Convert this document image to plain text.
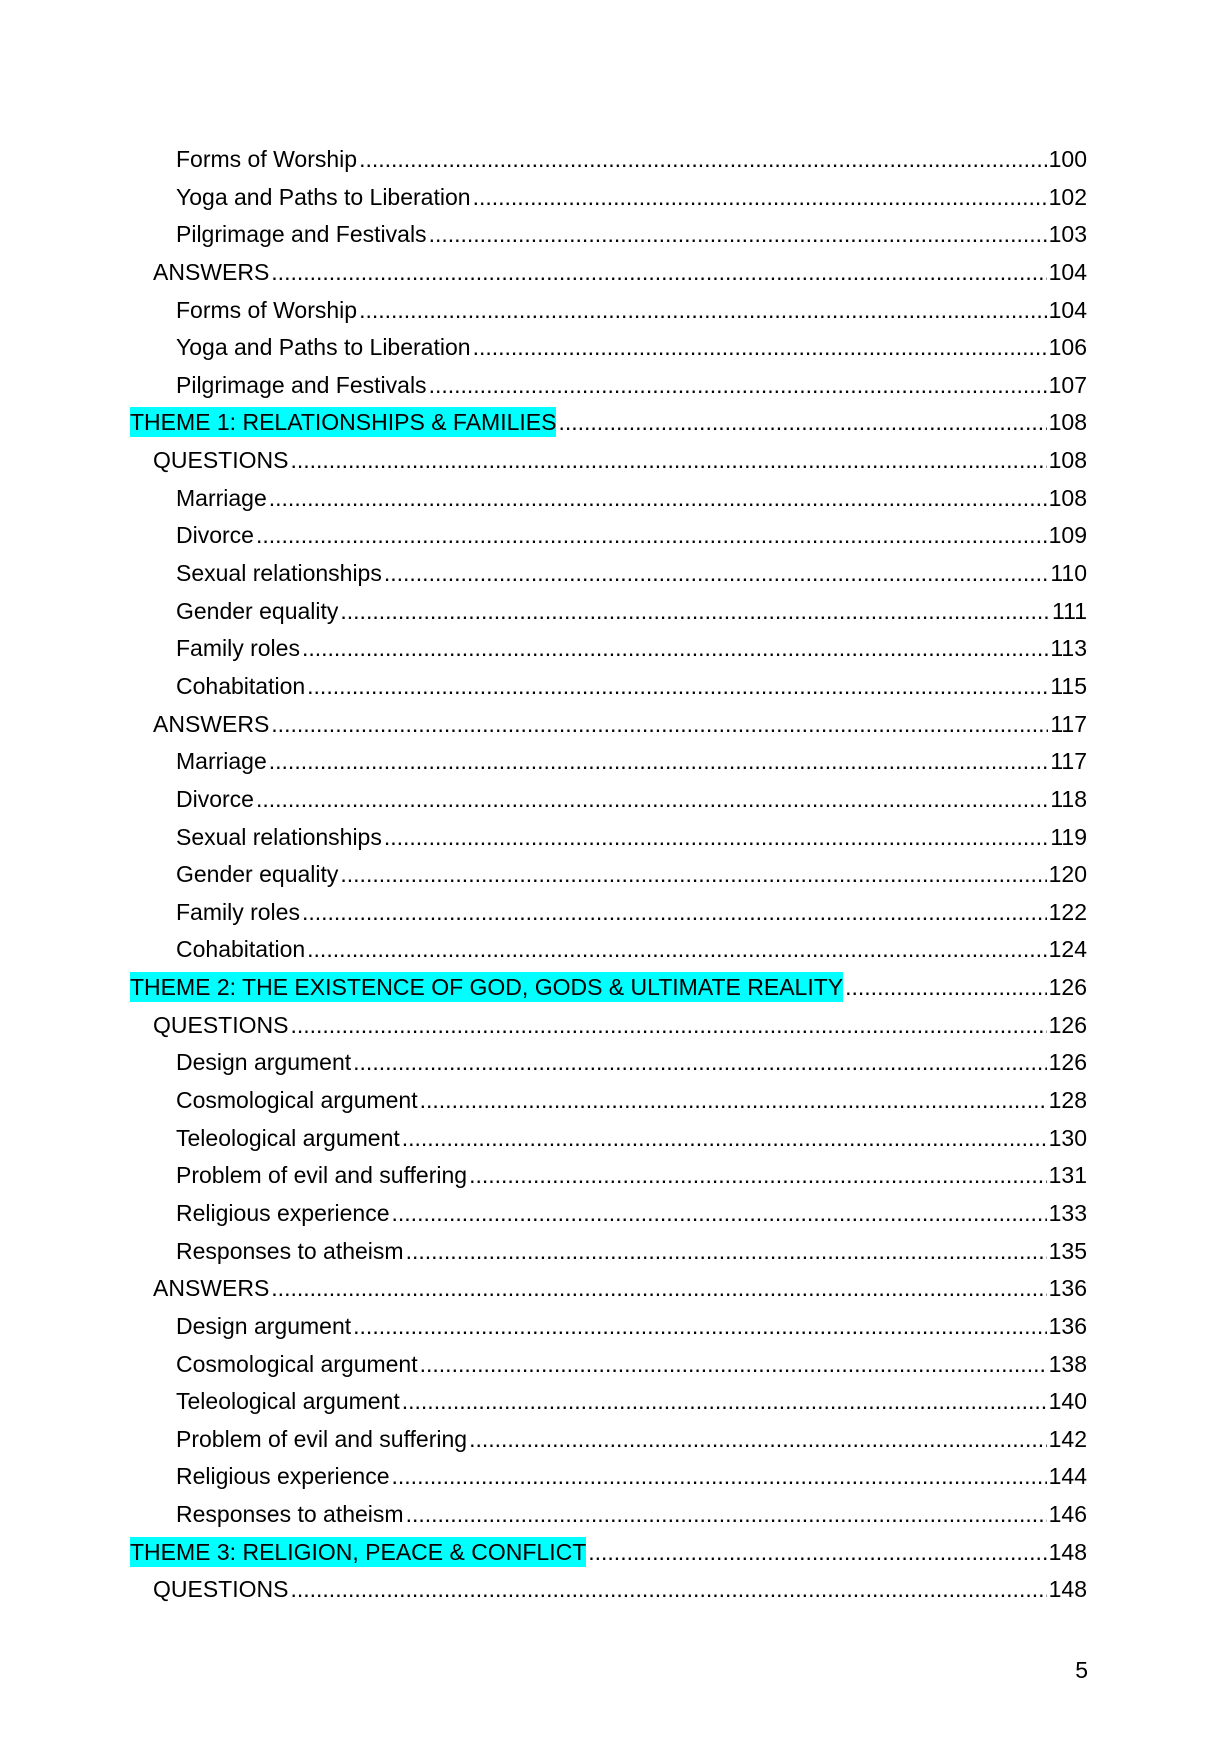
Forms of Worship .....	100
Yoga and Paths to Liberation .....	102
Pilgrimage and Festivals .....	103
ANSWERS .....	104
Forms of Worship .....	104
Yoga and Paths to Liberation .....	106
Pilgrimage and Festivals .....	107
THEME 1: RELATIONSHIPS & FAMILIES .....	108
QUESTIONS .....	108
Marriage .....	108
Divorce .....	109
Sexual relationships .....	110
Gender equality .....	111
Family roles .....	113
Cohabitation .....	115
ANSWERS .....	117
Marriage .....	117
Divorce .....	118
Sexual relationships .....	119
Gender equality .....	120
Family roles .....	122
Cohabitation .....	124
THEME 2: THE EXISTENCE OF GOD, GODS & ULTIMATE REALITY .....	126
QUESTIONS .....	126
Design argument .....	126
Cosmological argument .....	128
Teleological argument .....	130
Problem of evil and suffering .....	131
Religious experience .....	133
Responses to atheism .....	135
ANSWERS .....	136
Design argument .....	136
Cosmological argument .....	138
Teleological argument .....	140
Problem of evil and suffering .....	142
Religious experience .....	144
Responses to atheism .....	146
THEME 3: RELIGION, PEACE & CONFLICT .....	148
QUESTIONS .....	148
5
